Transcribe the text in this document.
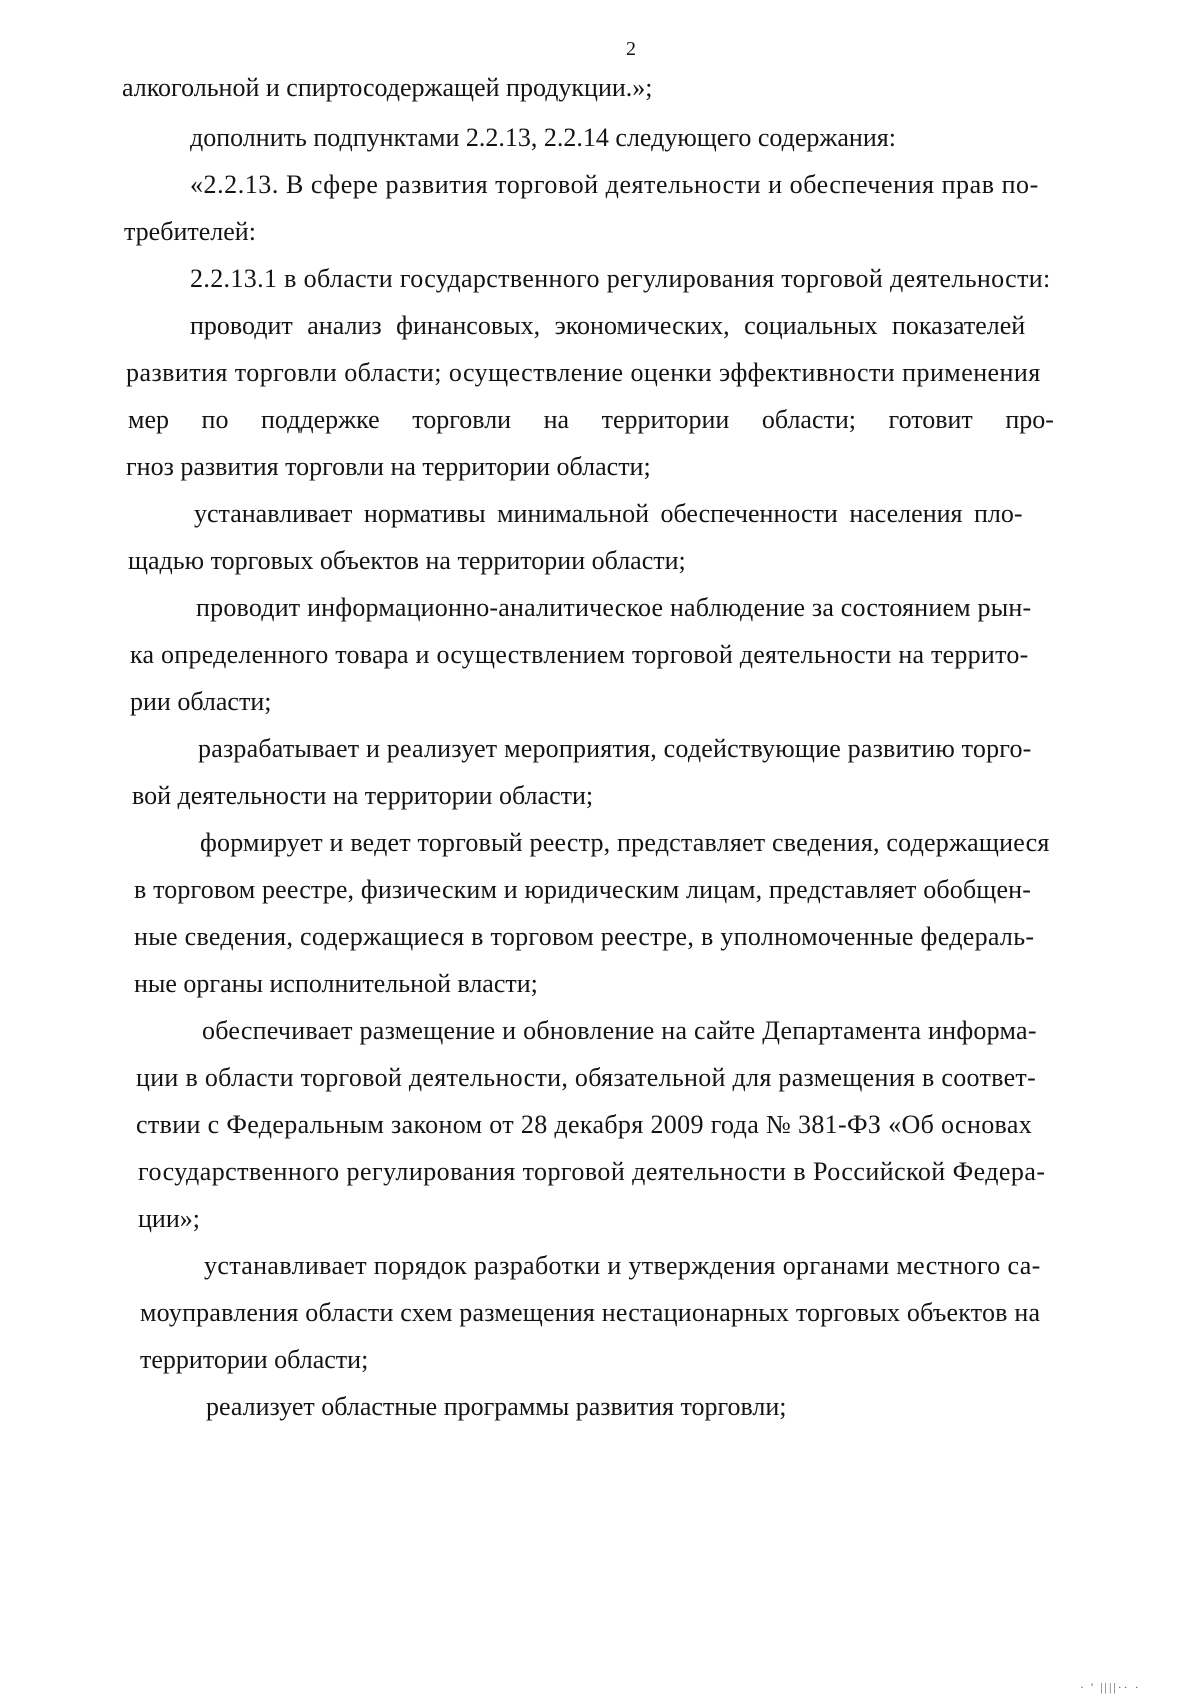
2
алкогольной и спиртосодержащей продукции.»;
дополнить подпунктами 2.2.13, 2.2.14 следующего содержания:
«2.2.13. В сфере развития торговой деятельности и обеспечения прав по-
требителей:
2.2.13.1 в области государственного регулирования торговой деятельности:
проводит анализ финансовых, экономических, социальных показателей
развития торговли области; осуществление оценки эффективности применения
мер по поддержке торговли на территории области; готовит про-
гноз развития торговли на территории области;
устанавливает нормативы минимальной обеспеченности населения пло-
щадью торговых объектов на территории области;
проводит информационно-аналитическое наблюдение за состоянием рын-
ка определенного товара и осуществлением торговой деятельности на террито-
рии области;
разрабатывает и реализует мероприятия, содействующие развитию торго-
вой деятельности на территории области;
формирует и ведет торговый реестр, представляет сведения, содержащиеся
в торговом реестре, физическим и юридическим лицам, представляет обобщен-
ные сведения, содержащиеся в торговом реестре, в уполномоченные федераль-
ные органы исполнительной власти;
обеспечивает размещение и обновление на сайте Департамента информа-
ции в области торговой деятельности, обязательной для размещения в соответ-
ствии с Федеральным законом от 28 декабря 2009 года № 381-ФЗ «Об основах
государственного регулирования торговой деятельности в Российской Федера-
ции»;
устанавливает порядок разработки и утверждения органами местного са-
моуправления области схем размещения нестационарных торговых объектов на
территории области;
реализует областные программы развития торговли;
· ' ||||·· ·
